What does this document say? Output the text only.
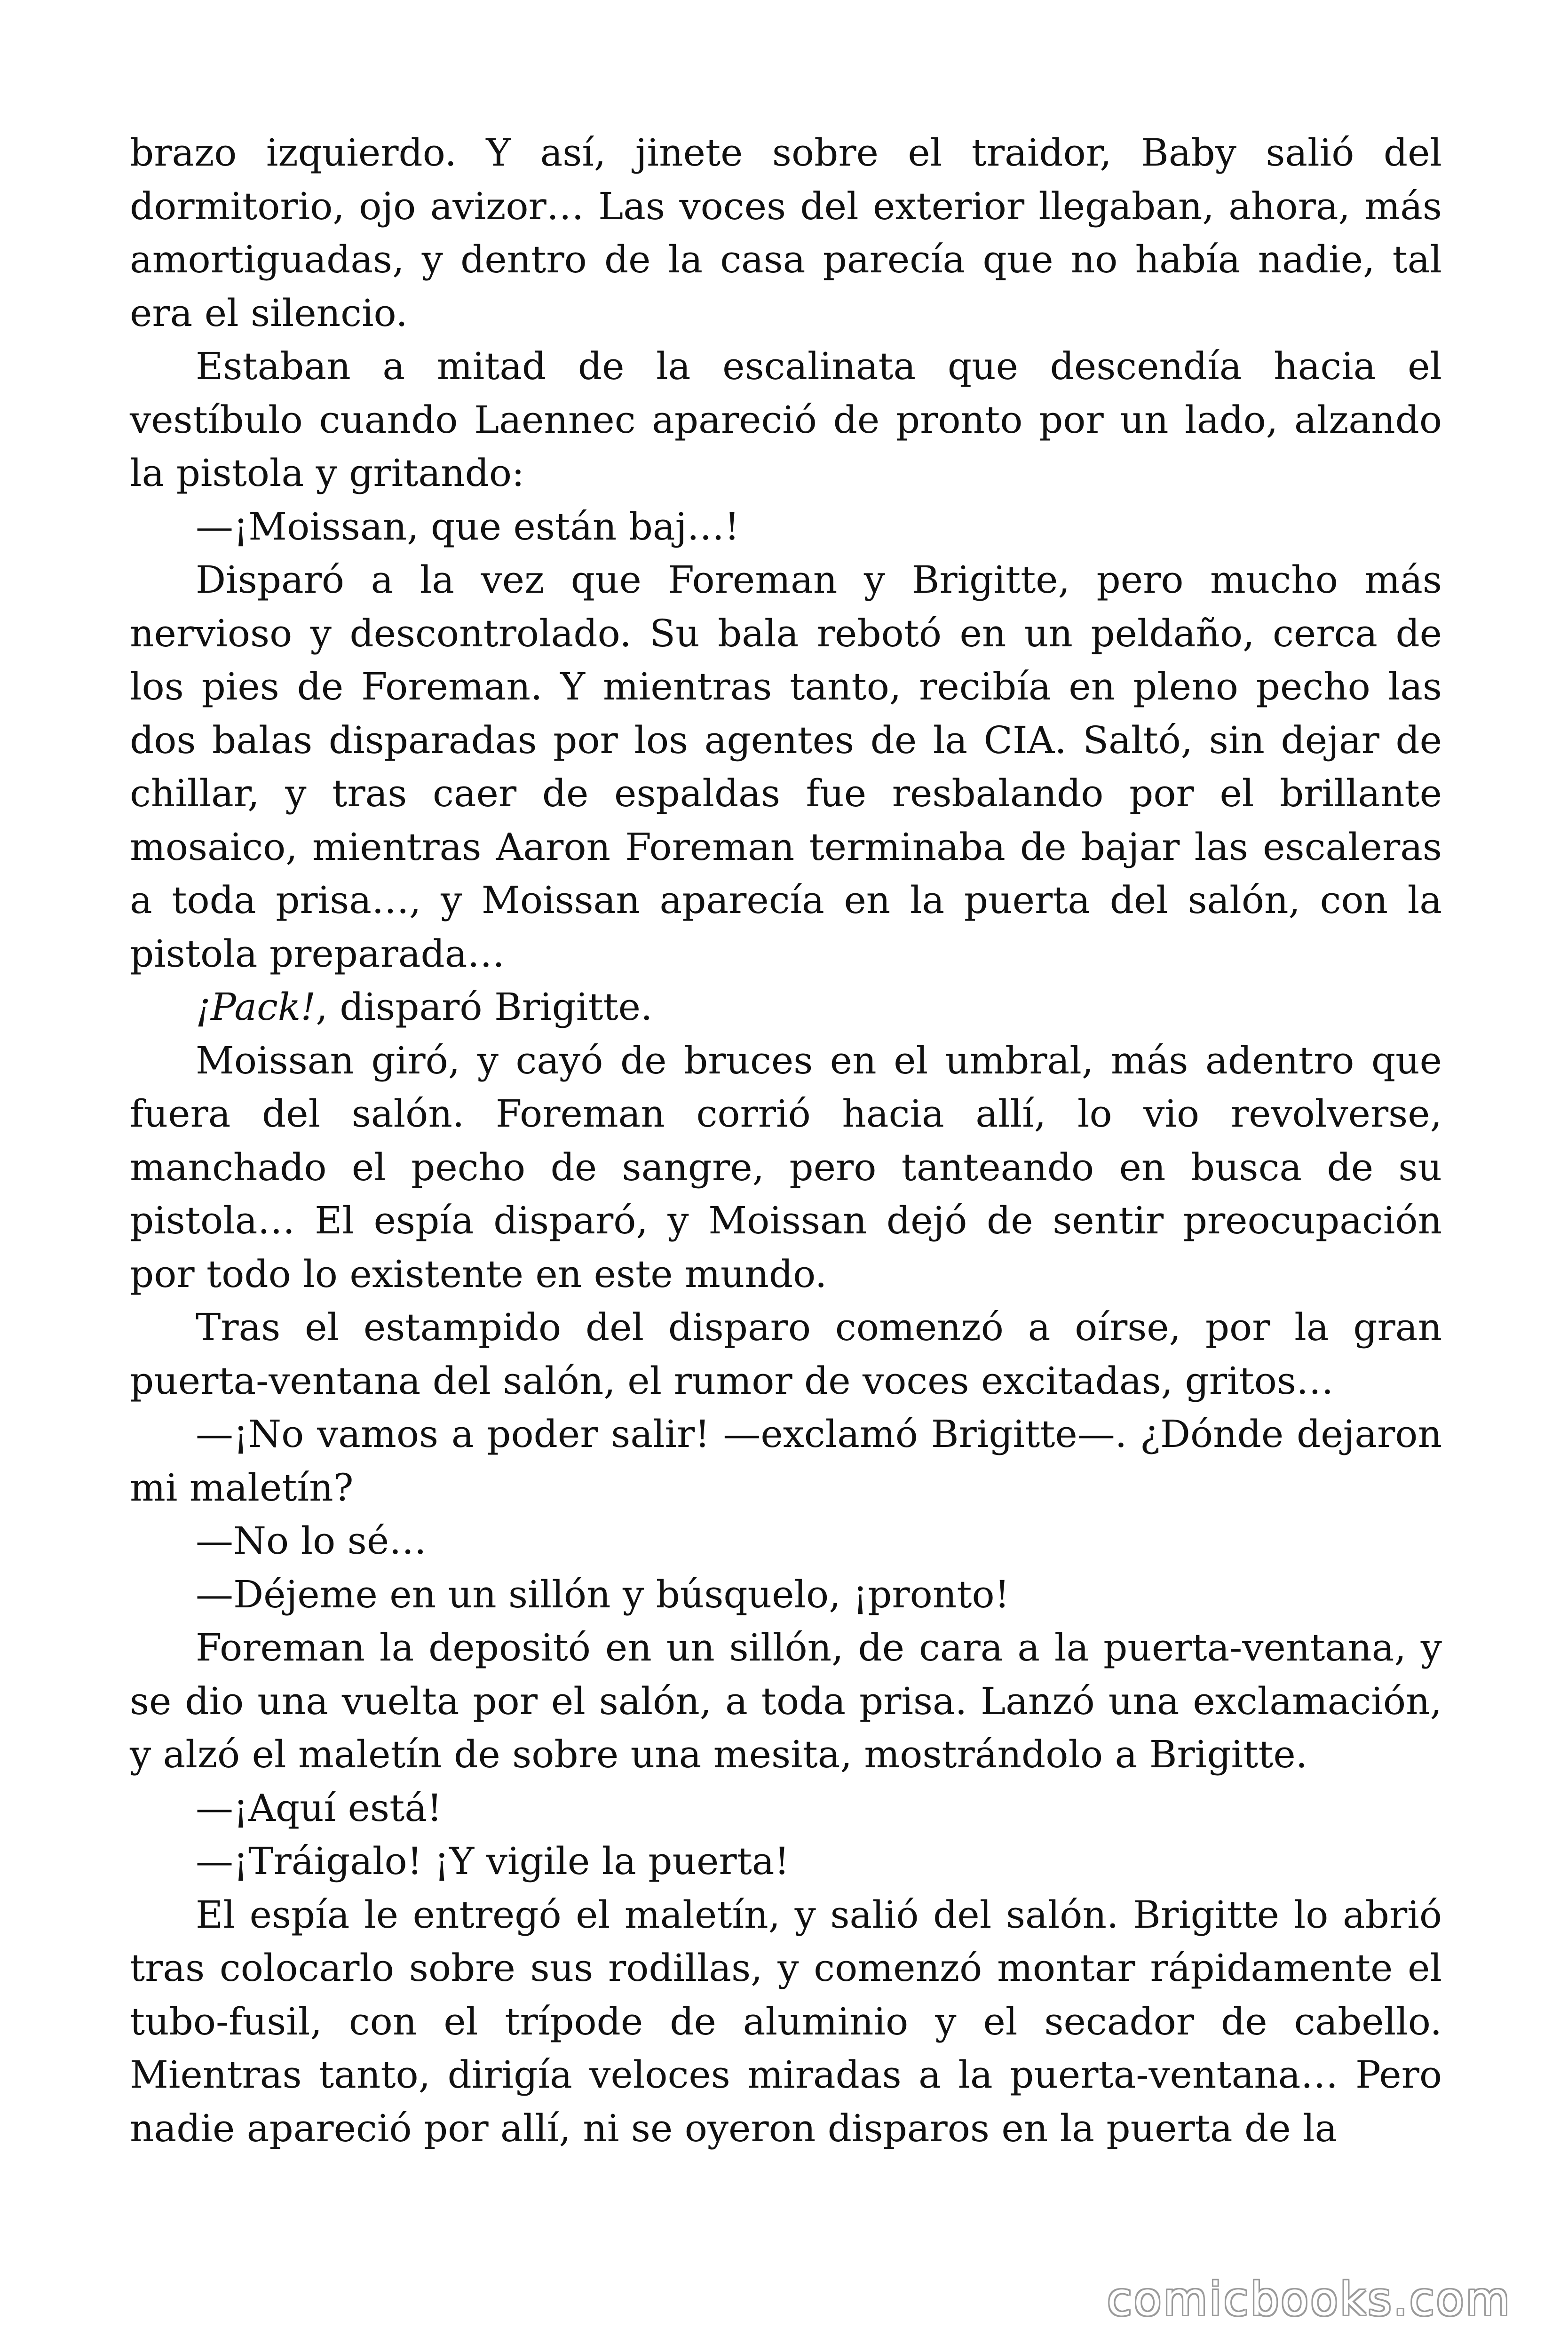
brazo izquierdo. Y así, jinete sobre el traidor, Baby salió del dormitorio, ojo avizor… Las voces del exterior llegaban, ahora, más amortiguadas, y dentro de la casa parecía que no había nadie, tal era el silencio.

Estaban a mitad de la escalinata que descendía hacia el vestíbulo cuando Laennec apareció de pronto por un lado, alzando la pistola y gritando:

—¡Moissan, que están baj…!

Disparó a la vez que Foreman y Brigitte, pero mucho más nervioso y descontrolado. Su bala rebotó en un peldaño, cerca de los pies de Foreman. Y mientras tanto, recibía en pleno pecho las dos balas disparadas por los agentes de la CIA. Saltó, sin dejar de chillar, y tras caer de espaldas fue resbalando por el brillante mosaico, mientras Aaron Foreman terminaba de bajar las escaleras a toda prisa…, y Moissan aparecía en la puerta del salón, con la pistola preparada…

¡Pack!, disparó Brigitte.

Moissan giró, y cayó de bruces en el umbral, más adentro que fuera del salón. Foreman corrió hacia allí, lo vio revolverse, manchado el pecho de sangre, pero tanteando en busca de su pistola… El espía disparó, y Moissan dejó de sentir preocupación por todo lo existente en este mundo.

Tras el estampido del disparo comenzó a oírse, por la gran puerta-ventana del salón, el rumor de voces excitadas, gritos…

—¡No vamos a poder salir! —exclamó Brigitte—. ¿Dónde dejaron mi maletín?

—No lo sé…

—Déjeme en un sillón y búsquelo, ¡pronto!

Foreman la depositó en un sillón, de cara a la puerta-ventana, y se dio una vuelta por el salón, a toda prisa. Lanzó una exclamación, y alzó el maletín de sobre una mesita, mostrándolo a Brigitte.

—¡Aquí está!

—¡Tráigalo! ¡Y vigile la puerta!

El espía le entregó el maletín, y salió del salón. Brigitte lo abrió tras colocarlo sobre sus rodillas, y comenzó montar rápidamente el tubo-fusil, con el trípode de aluminio y el secador de cabello. Mientras tanto, dirigía veloces miradas a la puerta-ventana… Pero nadie apareció por allí, ni se oyeron disparos en la puerta de la

comicbooks.com
